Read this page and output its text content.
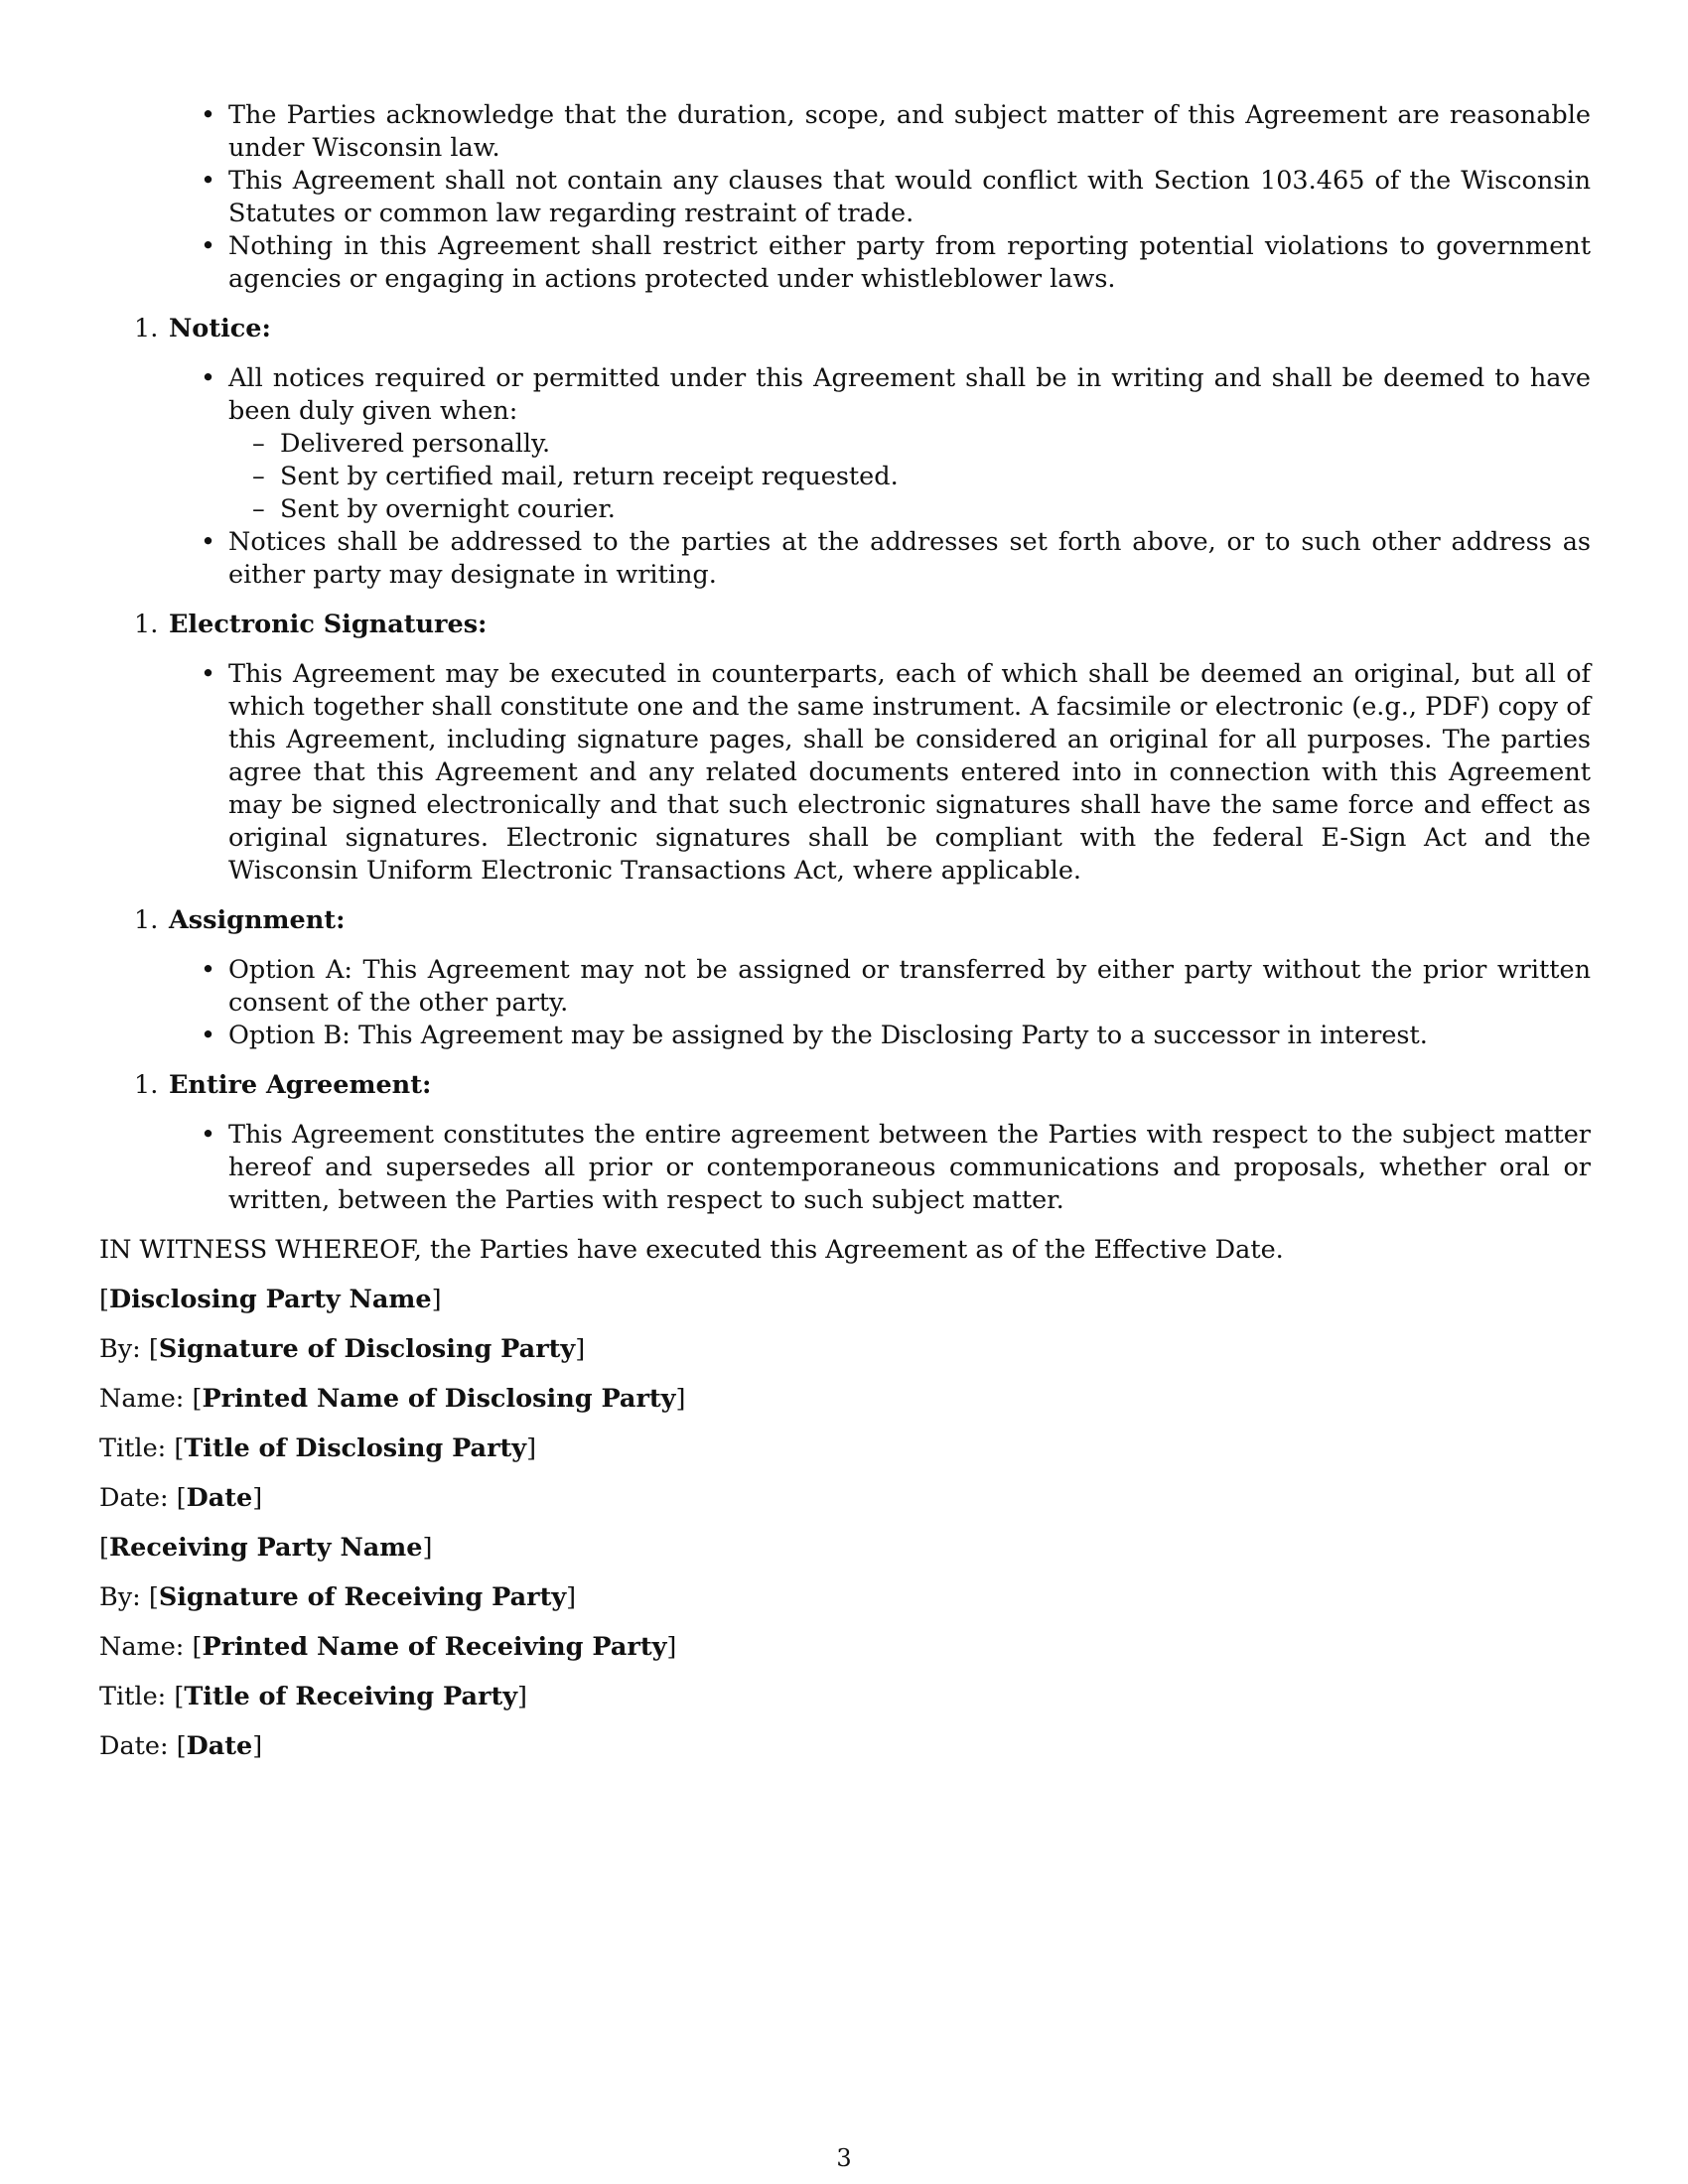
• The Parties acknowledge that the duration, scope, and subject matter of this Agreement are reasonable under Wisconsin law.
• This Agreement shall not contain any clauses that would conflict with Section 103.465 of the Wisconsin Statutes or common law regarding restraint of trade.
• Nothing in this Agreement shall restrict either party from reporting potential violations to government agencies or engaging in actions protected under whistleblower laws.
1. Notice:
• All notices required or permitted under this Agreement shall be in writing and shall be deemed to have been duly given when:
– Delivered personally.
– Sent by certified mail, return receipt requested.
– Sent by overnight courier.
• Notices shall be addressed to the parties at the addresses set forth above, or to such other address as either party may designate in writing.
1. Electronic Signatures:
• This Agreement may be executed in counterparts, each of which shall be deemed an original, but all of which together shall constitute one and the same instrument. A facsimile or electronic (e.g., PDF) copy of this Agreement, including signature pages, shall be considered an original for all purposes. The parties agree that this Agreement and any related documents entered into in connection with this Agreement may be signed electronically and that such electronic signatures shall have the same force and effect as original signatures. Electronic signatures shall be compliant with the federal E-Sign Act and the Wisconsin Uniform Electronic Transactions Act, where applicable.
1. Assignment:
• Option A: This Agreement may not be assigned or transferred by either party without the prior written consent of the other party.
• Option B: This Agreement may be assigned by the Disclosing Party to a successor in interest.
1. Entire Agreement:
• This Agreement constitutes the entire agreement between the Parties with respect to the subject matter hereof and supersedes all prior or contemporaneous communications and proposals, whether oral or written, between the Parties with respect to such subject matter.

IN WITNESS WHEREOF, the Parties have executed this Agreement as of the Effective Date.

[Disclosing Party Name]

By: [Signature of Disclosing Party]

Name: [Printed Name of Disclosing Party]

Title: [Title of Disclosing Party]

Date: [Date]

[Receiving Party Name]

By: [Signature of Receiving Party]

Name: [Printed Name of Receiving Party]

Title: [Title of Receiving Party]

Date: [Date]

3
